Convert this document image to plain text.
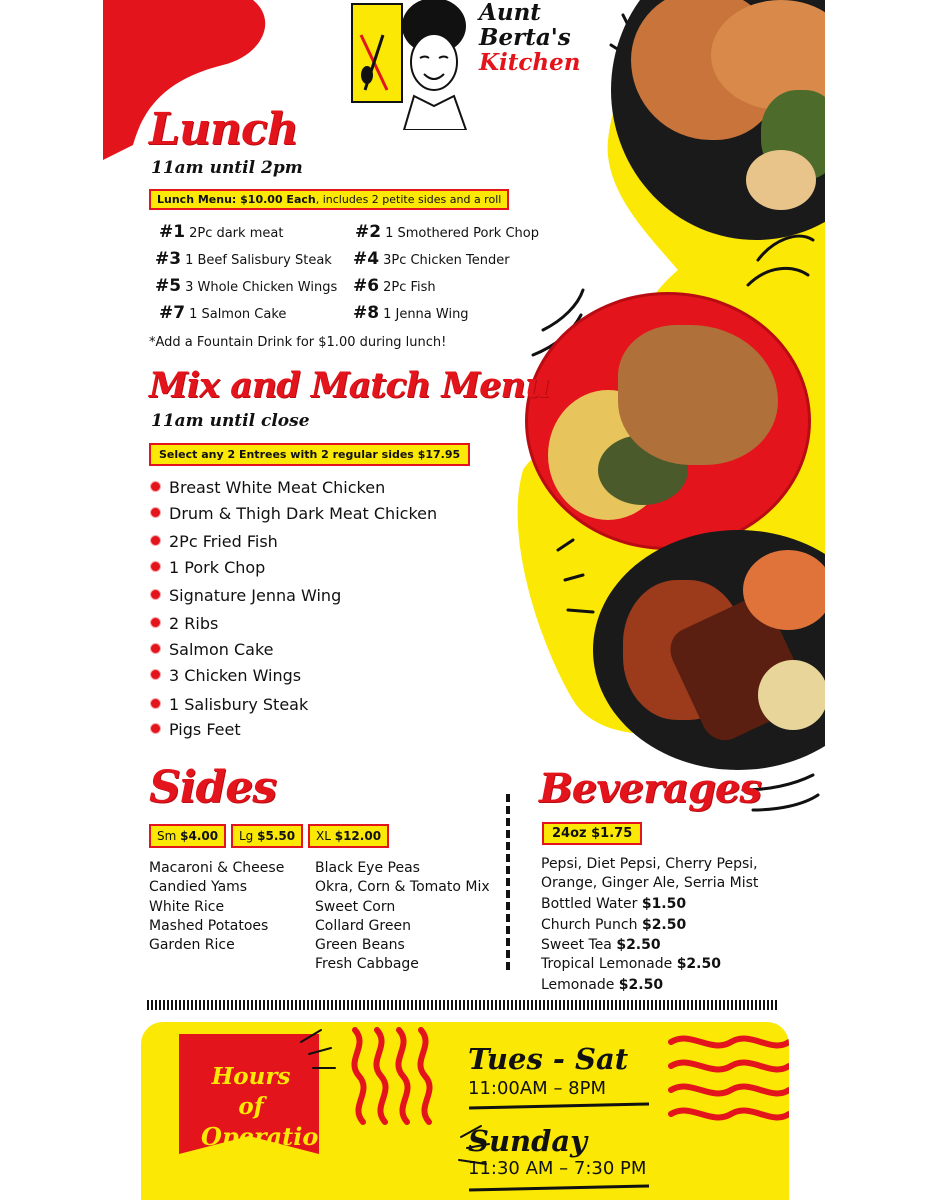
Aunt
Berta's
Kitchen
Lunch
11am until 2pm
Lunch Menu: $10.00 Each, includes 2 petite sides and a roll
#1 2Pc dark meat	#2 1 Smothered Pork Chop
#3 1 Beef Salisbury Steak #4 3Pc Chicken Tender
#5 3 Whole Chicken Wings #6 2Pc Fish
#7 1 Salmon Cake	#8 1 Jenna Wing
*Add a Fountain Drink for $1.00 during lunch!
Mix and Match Menu
11am until close
Select any 2 Entrees with 2 regular sides $17.95
Breast White Meat Chicken
Drum & Thigh Dark Meat Chicken
2Pc Fried Fish
1 Pork Chop
Signature Jenna Wing
2 Ribs
Salmon Cake
3 Chicken Wings
1 Salisbury Steak
Pigs Feet
Sides
Sm $4.00	Lg $5.50	XL $12.00
Macaroni & Cheese
Candied Yams
White Rice
Mashed Potatoes
Garden Rice
Black Eye Peas
Okra, Corn & Tomato Mix
Sweet Corn
Collard Green
Green Beans
Fresh Cabbage
Beverages
24oz $1.75
Pepsi, Diet Pepsi, Cherry Pepsi,
Orange, Ginger Ale, Serria Mist
Bottled Water $1.50
Church Punch $2.50
Sweet Tea $2.50
Tropical Lemonade $2.50
Lemonade $2.50
Hours of
Operation
Tues - Sat
11:00AM – 8PM
Sunday
11:30 AM – 7:30 PM
